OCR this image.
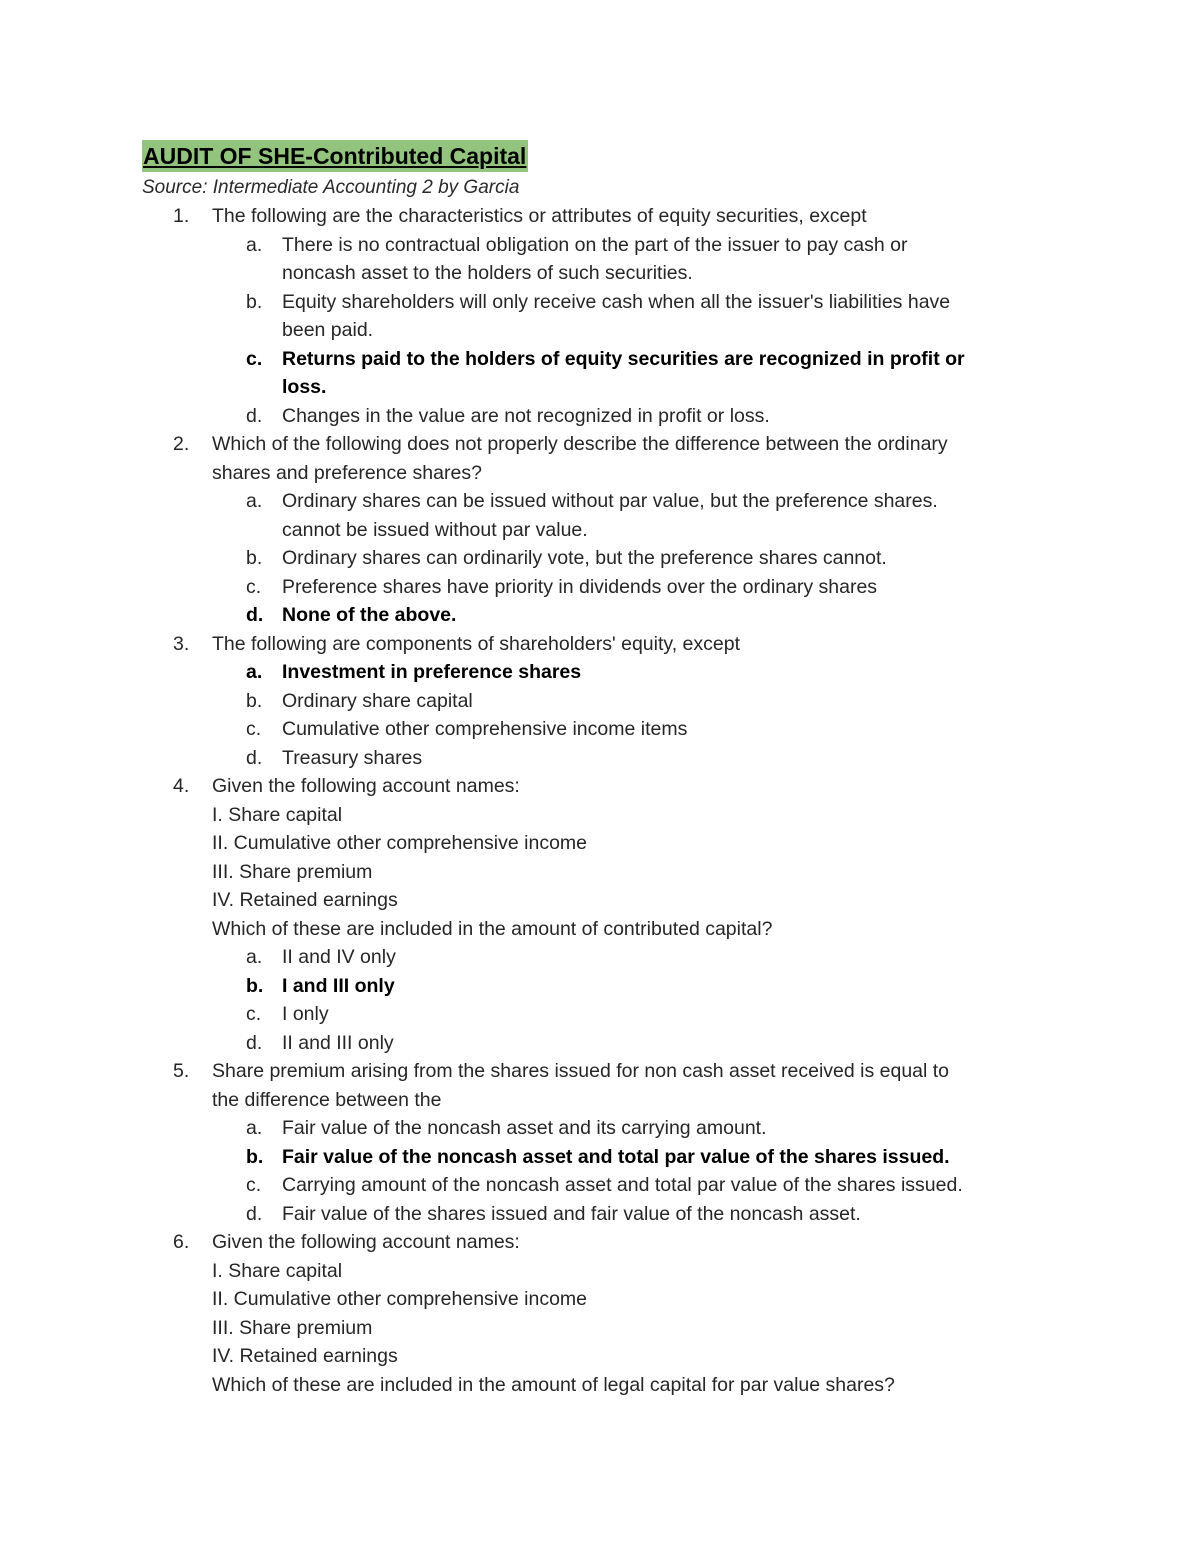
AUDIT OF SHE-Contributed Capital
Source: Intermediate Accounting 2 by Garcia
1.	The following are the characteristics or attributes of equity securities, except
a.	There is no contractual obligation on the part of the issuer to pay cash or
noncash asset to the holders of such securities.
b.	Equity shareholders will only receive cash when all the issuer's liabilities have
been paid.
c.	Returns paid to the holders of equity securities are recognized in profit or
loss.
d.	Changes in the value are not recognized in profit or loss.
2.	Which of the following does not properly describe the difference between the ordinary
shares and preference shares?
a.	Ordinary shares can be issued without par value, but the preference shares.
cannot be issued without par value.
b.	Ordinary shares can ordinarily vote, but the preference shares cannot.
c.	Preference shares have priority in dividends over the ordinary shares
d. None of the above.
3.	The following are components of shareholders' equity, except
a.	Investment in preference shares
b.	Ordinary share capital
c.	Cumulative other comprehensive income items
d.	Treasury shares
4.	Given the following account names:
I. Share capital
II. Cumulative other comprehensive income
III. Share premium
IV. Retained earnings
Which of these are included in the amount of contributed capital?
a.	II and IV only
b. I and III only
c.	I only
d.	II and III only
5.	Share premium arising from the shares issued for non cash asset received is equal to
the difference between the
a.	Fair value of the noncash asset and its carrying amount.
b. Fair value of the noncash asset and total par value of the shares issued.
c.	Carrying amount of the noncash asset and total par value of the shares issued.
d.	Fair value of the shares issued and fair value of the noncash asset.
6.	Given the following account names:
I. Share capital
II. Cumulative other comprehensive income
III. Share premium
IV. Retained earnings
Which of these are included in the amount of legal capital for par value shares?
